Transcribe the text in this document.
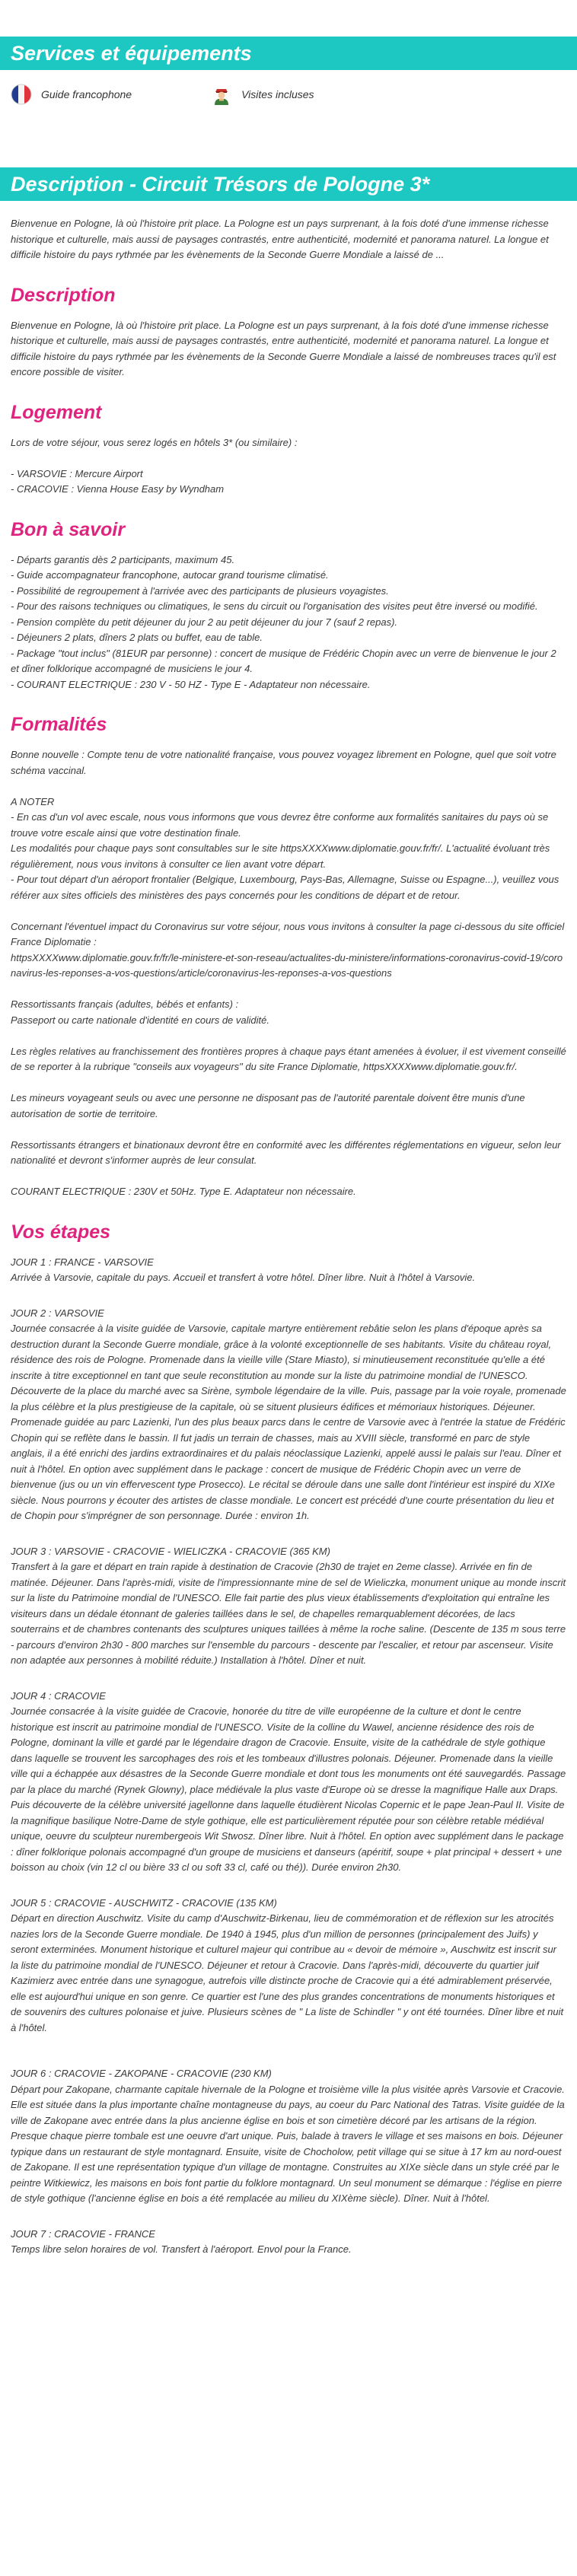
Services et équipements
Guide francophone	Visites incluses
Description - Circuit Trésors de Pologne 3*

Bienvenue en Pologne, là où l'histoire prit place. La Pologne est un pays surprenant, à la fois doté d'une immense richesse historique et culturelle, mais aussi de paysages contrastés, entre authenticité, modernité et panorama naturel. La longue et difficile histoire du pays rythmée par les évènements de la Seconde Guerre Mondiale a laissé de ...

Description

Bienvenue en Pologne, là où l'histoire prit place. La Pologne est un pays surprenant, à la fois doté d'une immense richesse historique et culturelle, mais aussi de paysages contrastés, entre authenticité, modernité et panorama naturel. La longue et difficile histoire du pays rythmée par les évènements de la Seconde Guerre Mondiale a laissé de nombreuses traces qu'il est encore possible de visiter.

Logement
Lors de votre séjour, vous serez logés en hôtels 3* (ou similaire) :
- VARSOVIE : Mercure Airport
- CRACOVIE : Vienna House Easy by Wyndham
Bon à savoir
- Départs garantis dès 2 participants, maximum 45.
- Guide accompagnateur francophone, autocar grand tourisme climatisé.
- Possibilité de regroupement à l'arrivée avec des participants de plusieurs voyagistes.
- Pour des raisons techniques ou climatiques, le sens du circuit ou l'organisation des visites peut être inversé ou modifié.
- Pension complète du petit déjeuner du jour 2 au petit déjeuner du jour 7 (sauf 2 repas).
- Déjeuners 2 plats, dîners 2 plats ou buffet, eau de table.
- Package "tout inclus" (81EUR par personne) : concert de musique de Frédéric Chopin avec un verre de bienvenue le jour 2 et dîner folklorique accompagné de musiciens le jour 4.
- COURANT ELECTRIQUE : 230 V - 50 HZ - Type E - Adaptateur non nécessaire.
Formalités
Bonne nouvelle : Compte tenu de votre nationalité française, vous pouvez voyagez librement en Pologne, quel que soit votre schéma vaccinal.
A NOTER
- En cas d'un vol avec escale, nous vous informons que vous devrez être conforme aux formalités sanitaires du pays où se trouve votre escale ainsi que votre destination finale.
Les modalités pour chaque pays sont consultables sur le site httpsXXXXwww.diplomatie.gouv.fr/fr/. L'actualité évoluant très régulièrement, nous vous invitons à consulter ce lien avant votre départ.
- Pour tout départ d'un aéroport frontalier (Belgique, Luxembourg, Pays-Bas, Allemagne, Suisse ou Espagne...), veuillez vous référer aux sites officiels des ministères des pays concernés pour les conditions de départ et de retour.
Concernant l'éventuel impact du Coronavirus sur votre séjour, nous vous invitons à consulter la page ci-dessous du site officiel France Diplomatie :
httpsXXXXwww.diplomatie.gouv.fr/fr/le-ministere-et-son-reseau/actualites-du-ministere/informations-coronavirus-covid-19/coronavirus-les-reponses-a-vos-questions/article/coronavirus-les-reponses-a-vos-questions
Ressortissants français (adultes, bébés et enfants) :
Passeport ou carte nationale d'identité en cours de validité.
Les règles relatives au franchissement des frontières propres à chaque pays étant amenées à évoluer, il est vivement conseillé de se reporter à la rubrique "conseils aux voyageurs" du site France Diplomatie, httpsXXXXwww.diplomatie.gouv.fr/.
Les mineurs voyageant seuls ou avec une personne ne disposant pas de l'autorité parentale doivent être munis d'une autorisation de sortie de territoire.
Ressortissants étrangers et binationaux devront être en conformité avec les différentes réglementations en vigueur, selon leur nationalité et devront s'informer auprès de leur consulat.
COURANT ELECTRIQUE : 230V et 50Hz. Type E. Adaptateur non nécessaire.
Vos étapes
JOUR 1 : FRANCE - VARSOVIE

Arrivée à Varsovie, capitale du pays. Accueil et transfert à votre hôtel. Dîner libre. Nuit à l'hôtel à Varsovie.

JOUR 2 : VARSOVIE

Journée consacrée à la visite guidée de Varsovie, capitale martyre entièrement rebâtie selon les plans d'époque après sa destruction durant la Seconde Guerre mondiale, grâce à la volonté exceptionnelle de ses habitants. Visite du château royal, résidence des rois de Pologne. Promenade dans la vieille ville (Stare Miasto), si minutieusement reconstituée qu'elle a été inscrite à titre exceptionnel en tant que seule reconstitution au monde sur la liste du patrimoine mondial de l'UNESCO. Découverte de la place du marché avec sa Sirène, symbole légendaire de la ville. Puis, passage par la voie royale, promenade la plus célèbre et la plus prestigieuse de la capitale, où se situent plusieurs édifices et mémoriaux historiques. Déjeuner. Promenade guidée au parc Lazienki, l'un des plus beaux parcs dans le centre de Varsovie avec à l'entrée la statue de Frédéric Chopin qui se reflète dans le bassin. Il fut jadis un terrain de chasses, mais au XVIII siècle, transformé en parc de style anglais, il a été enrichi des jardins extraordinaires et du palais néoclassique Lazienki, appelé aussi le palais sur l'eau. Dîner et nuit à l'hôtel. En option avec supplément dans le package : concert de musique de Frédéric Chopin avec un verre de bienvenue (jus ou un vin effervescent type Prosecco). Le récital se déroule dans une salle dont l'intérieur est inspiré du XIXe siècle. Nous pourrons y écouter des artistes de classe mondiale. Le concert est précédé d'une courte présentation du lieu et de Chopin pour s'imprégner de son personnage. Durée : environ 1h.

JOUR 3 : VARSOVIE - CRACOVIE - WIELICZKA - CRACOVIE (365 KM)

Transfert à la gare et départ en train rapide à destination de Cracovie (2h30 de trajet en 2eme classe). Arrivée en fin de matinée. Déjeuner. Dans l'après-midi, visite de l'impressionnante mine de sel de Wieliczka, monument unique au monde inscrit sur la liste du Patrimoine mondial de l'UNESCO. Elle fait partie des plus vieux établissements d'exploitation qui entraîne les visiteurs dans un dédale étonnant de galeries taillées dans le sel, de chapelles remarquablement décorées, de lacs souterrains et de chambres contenants des sculptures uniques taillées à même la roche saline. (Descente de 135 m sous terre - parcours d'environ 2h30 - 800 marches sur l'ensemble du parcours - descente par l'escalier, et retour par ascenseur. Visite non adaptée aux personnes à mobilité réduite.) Installation à l'hôtel. Dîner et nuit.

JOUR 4 : CRACOVIE

Journée consacrée à la visite guidée de Cracovie, honorée du titre de ville européenne de la culture et dont le centre historique est inscrit au patrimoine mondial de l'UNESCO. Visite de la colline du Wawel, ancienne résidence des rois de Pologne, dominant la ville et gardé par le légendaire dragon de Cracovie. Ensuite, visite de la cathédrale de style gothique dans laquelle se trouvent les sarcophages des rois et les tombeaux d'illustres polonais. Déjeuner. Promenade dans la vieille ville qui a échappée aux désastres de la Seconde Guerre mondiale et dont tous les monuments ont été sauvegardés. Passage par la place du marché (Rynek Glowny), place médiévale la plus vaste d'Europe où se dresse la magnifique Halle aux Draps. Puis découverte de la célèbre université jagellonne dans laquelle étudièrent Nicolas Copernic et le pape Jean-Paul II. Visite de la magnifique basilique Notre-Dame de style gothique, elle est particulièrement réputée pour son célèbre retable médiéval unique, oeuvre du sculpteur nurembergeois Wit Stwosz. Dîner libre. Nuit à l'hôtel. En option avec supplément dans le package : dîner folklorique polonais accompagné d'un groupe de musiciens et danseurs (apéritif, soupe + plat principal + dessert + une boisson au choix (vin 12 cl ou bière 33 cl ou soft 33 cl, café ou thé)). Durée environ 2h30.

JOUR 5 : CRACOVIE - AUSCHWITZ - CRACOVIE (135 KM)

Départ en direction Auschwitz. Visite du camp d'Auschwitz-Birkenau, lieu de commémoration et de réflexion sur les atrocités nazies lors de la Seconde Guerre mondiale. De 1940 à 1945, plus d'un million de personnes (principalement des Juifs) y seront exterminées. Monument historique et culturel majeur qui contribue au « devoir de mémoire », Auschwitz est inscrit sur la liste du patrimoine mondial de l'UNESCO. Déjeuner et retour à Cracovie. Dans l'après-midi, découverte du quartier juif Kazimierz avec entrée dans une synagogue, autrefois ville distincte proche de Cracovie qui a été admirablement préservée, elle est aujourd'hui unique en son genre. Ce quartier est l'une des plus grandes concentrations de monuments historiques et de souvenirs des cultures polonaise et juive. Plusieurs scènes de " La liste de Schindler " y ont été tournées. Dîner libre et nuit à l'hôtel.

JOUR 6 : CRACOVIE - ZAKOPANE - CRACOVIE (230 KM)

Départ pour Zakopane, charmante capitale hivernale de la Pologne et troisième ville la plus visitée après Varsovie et Cracovie. Elle est située dans la plus importante chaîne montagneuse du pays, au coeur du Parc National des Tatras. Visite guidée de la ville de Zakopane avec entrée dans la plus ancienne église en bois et son cimetière décoré par les artisans de la région. Presque chaque pierre tombale est une oeuvre d'art unique. Puis, balade à travers le village et ses maisons en bois. Déjeuner typique dans un restaurant de style montagnard. Ensuite, visite de Chocholow, petit village qui se situe à 17 km au nord-ouest de Zakopane. Il est une représentation typique d'un village de montagne. Construites au XIXe siècle dans un style créé par le peintre Witkiewicz, les maisons en bois font partie du folklore montagnard. Un seul monument se démarque : l'église en pierre de style gothique (l'ancienne église en bois a été remplacée au milieu du XIXème siècle). Dîner. Nuit à l'hôtel.

JOUR 7 : CRACOVIE - FRANCE

Temps libre selon horaires de vol. Transfert à l'aéroport. Envol pour la France.
